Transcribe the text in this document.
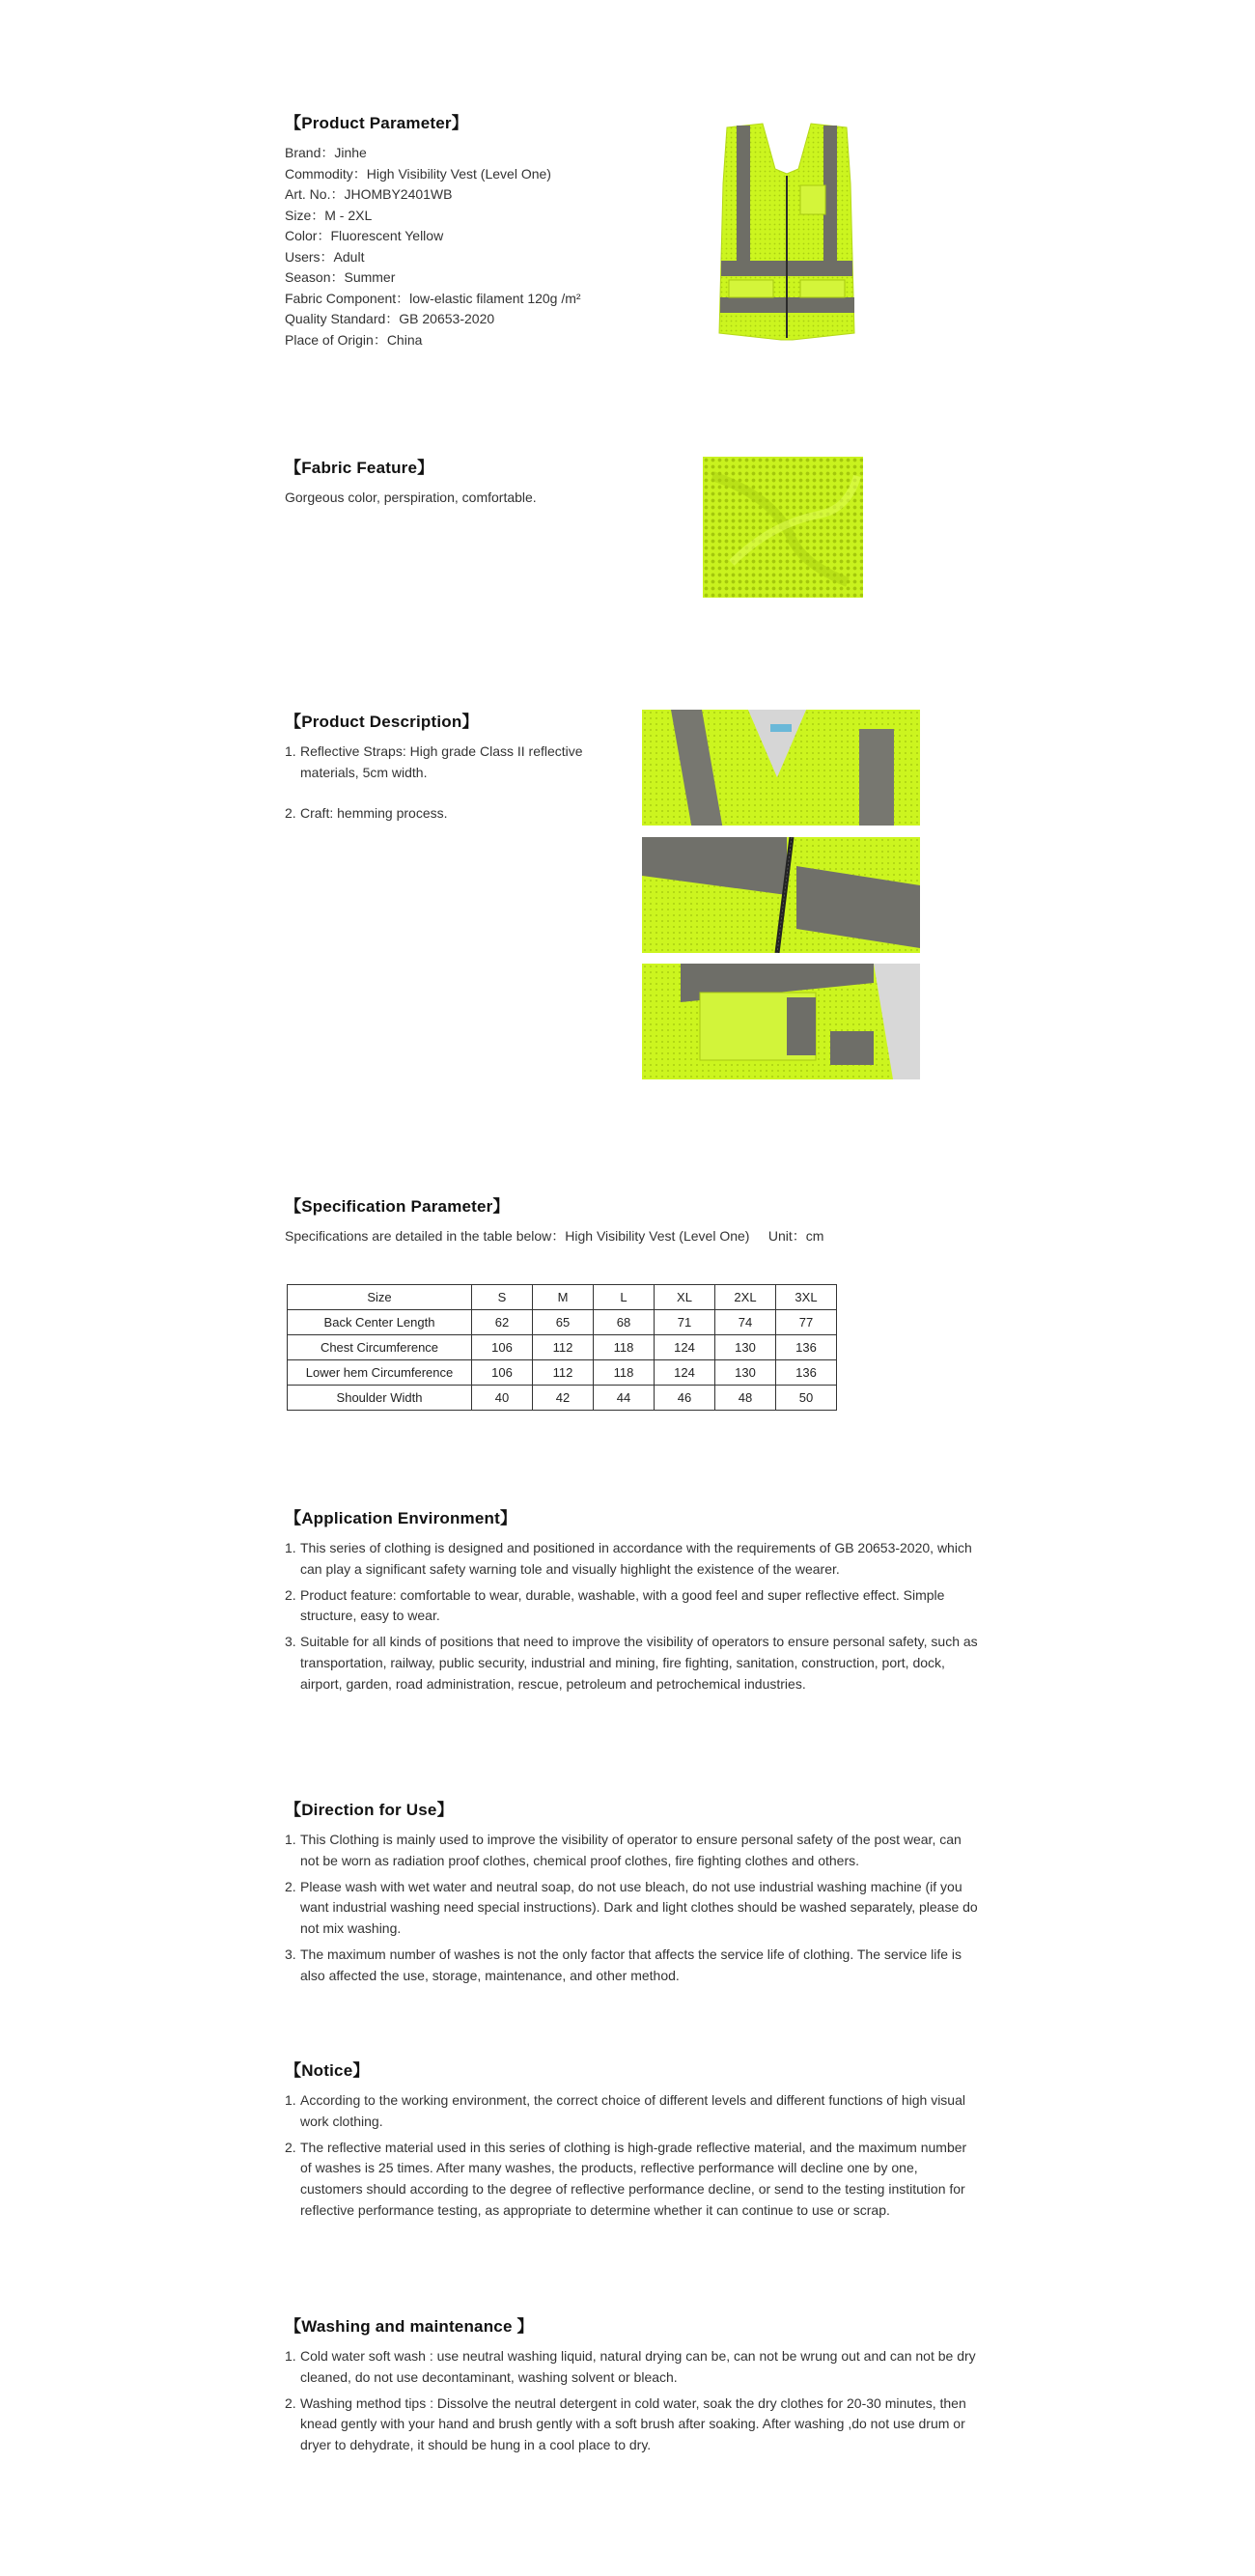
【Product Parameter】

Brand：Jinhe

Commodity：High Visibility Vest (Level One)

Art. No.：JHOMBY2401WB

Size：M - 2XL

Color：Fluorescent Yellow

Users：Adult

Season：Summer

Fabric Component：low-elastic filament 120g /m²

Quality Standard：GB 20653-2020

Place of Origin：China

【Fabric Feature】

Gorgeous color, perspiration, comfortable.

【Product Description】
1. Reflective Straps: High grade Class II reflective materials, 5cm width.
2. Craft: hemming process.
【Specification Parameter】

Specifications are detailed in the table below：High Visibility Vest (Level One)     Unit：cm

Size	S	M	L	XL	2XL	3XL
Back Center Length	62	65	68	71	74	77
Chest Circumference	106	112	118	124	130	136
Lower hem Circumference	106	112	118	124	130	136
Shoulder Width	40	42	44	46	48	50
【Application Environment】
1. This series of clothing is designed and positioned in accordance with the requirements of GB 20653-2020, which can play a significant safety warning tole and visually highlight the existence of the wearer.
2. Product feature: comfortable to wear, durable, washable, with a good feel and super reflective effect. Simple structure, easy to wear.
3. Suitable for all kinds of positions that need to improve the visibility of operators to ensure personal safety, such as transportation, railway, public security, industrial and mining, fire fighting, sanitation, construction, port, dock, airport, garden, road administration, rescue, petroleum and petrochemical industries.
【Direction for Use】
1. This Clothing is mainly used to improve the visibility of operator to ensure personal safety of the post wear, can not be worn as radiation proof clothes, chemical proof clothes, fire fighting clothes and others.
2. Please wash with wet water and neutral soap, do not use bleach, do not use industrial washing machine (if you want industrial washing need special instructions). Dark and light clothes should be washed separately, please do not mix washing.
3. The maximum number of washes is not the only factor that affects the service life of clothing. The service life is also affected the use, storage, maintenance, and other method.
【Notice】
1. According to the working environment, the correct choice of different levels and different functions of high visual work clothing.
2. The reflective material used in this series of clothing is high-grade reflective material, and the maximum number of washes is 25 times. After many washes, the products, reflective performance will decline one by one, customers should according to the degree of reflective performance decline, or send to the testing institution for reflective performance testing, as appropriate to determine whether it can continue to use or scrap.
【Washing and maintenance 】
1. Cold water soft wash : use neutral washing liquid, natural drying can be, can not be wrung out and can not be dry cleaned, do not use decontaminant, washing solvent or bleach.
2. Washing method tips : Dissolve the neutral detergent in cold water, soak the dry clothes for 20-30 minutes, then knead gently with your hand and brush gently with a soft brush after soaking. After washing ,do not use drum or dryer to dehydrate, it should be hung in a cool place to dry.
